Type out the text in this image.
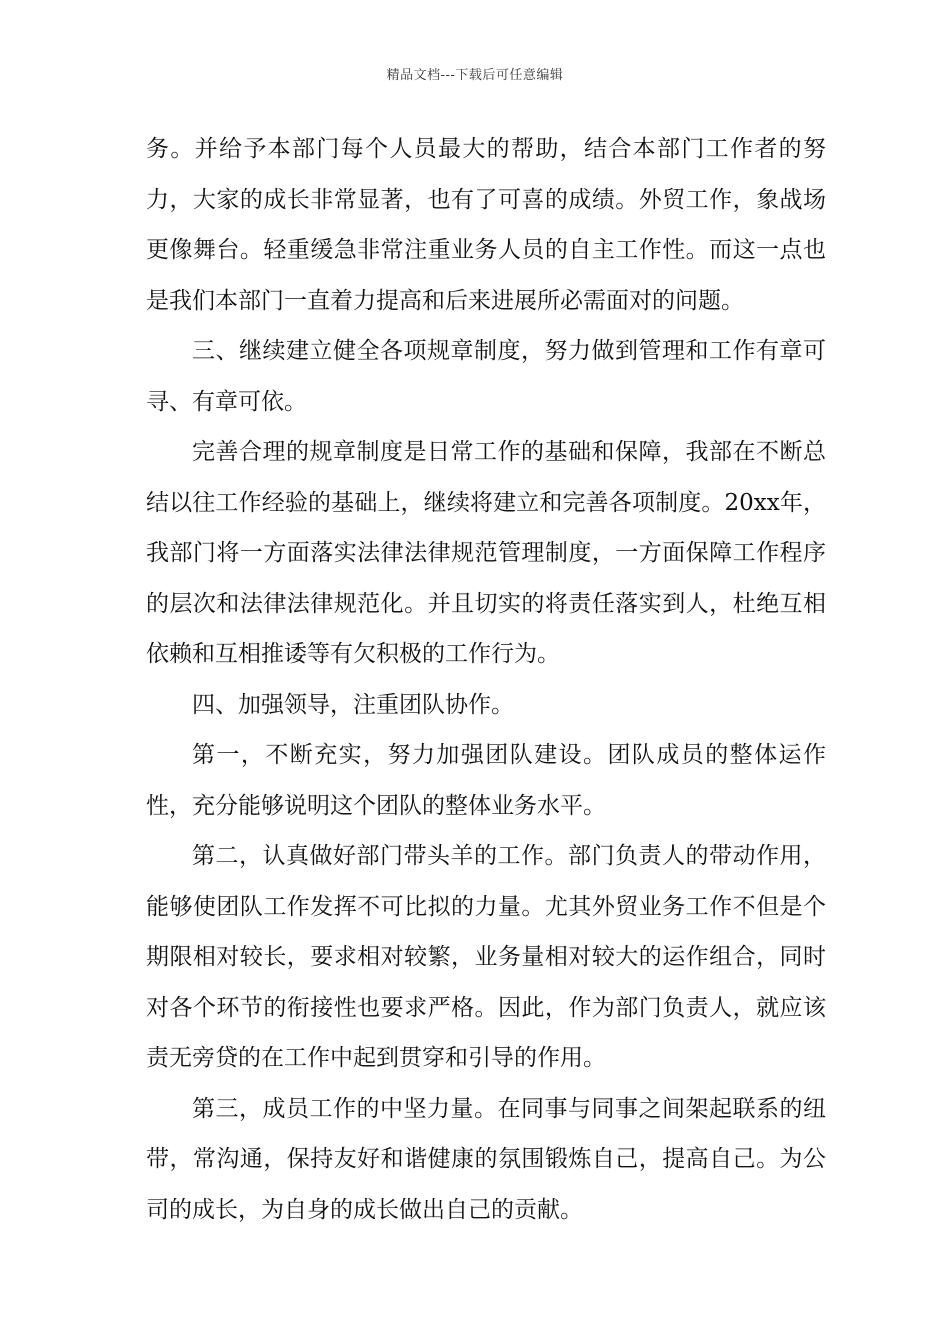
精品文档---下载后可任意编辑

务。并给予本部门每个人员最大的帮助，结合本部门工作者的努力，大家的成长非常显著，也有了可喜的成绩。外贸工作，象战场更像舞台。轻重缓急非常注重业务人员的自主工作性。而这一点也是我们本部门一直着力提高和后来进展所必需面对的问题。

三、继续建立健全各项规章制度，努力做到管理和工作有章可寻、有章可依。

完善合理的规章制度是日常工作的基础和保障，我部在不断总结以往工作经验的基础上，继续将建立和完善各项制度。20xx年，我部门将一方面落实法律法律规范管理制度，一方面保障工作程序的层次和法律法律规范化。并且切实的将责任落实到人，杜绝互相依赖和互相推诿等有欠积极的工作行为。

四、加强领导，注重团队协作。

第一，不断充实，努力加强团队建设。团队成员的整体运作性，充分能够说明这个团队的整体业务水平。

第二，认真做好部门带头羊的工作。部门负责人的带动作用，能够使团队工作发挥不可比拟的力量。尤其外贸业务工作不但是个期限相对较长，要求相对较繁，业务量相对较大的运作组合，同时对各个环节的衔接性也要求严格。因此，作为部门负责人，就应该责无旁贷的在工作中起到贯穿和引导的作用。

第三，成员工作的中坚力量。在同事与同事之间架起联系的纽带，常沟通，保持友好和谐健康的氛围锻炼自己，提高自己。为公司的成长，为自身的成长做出自己的贡献。
